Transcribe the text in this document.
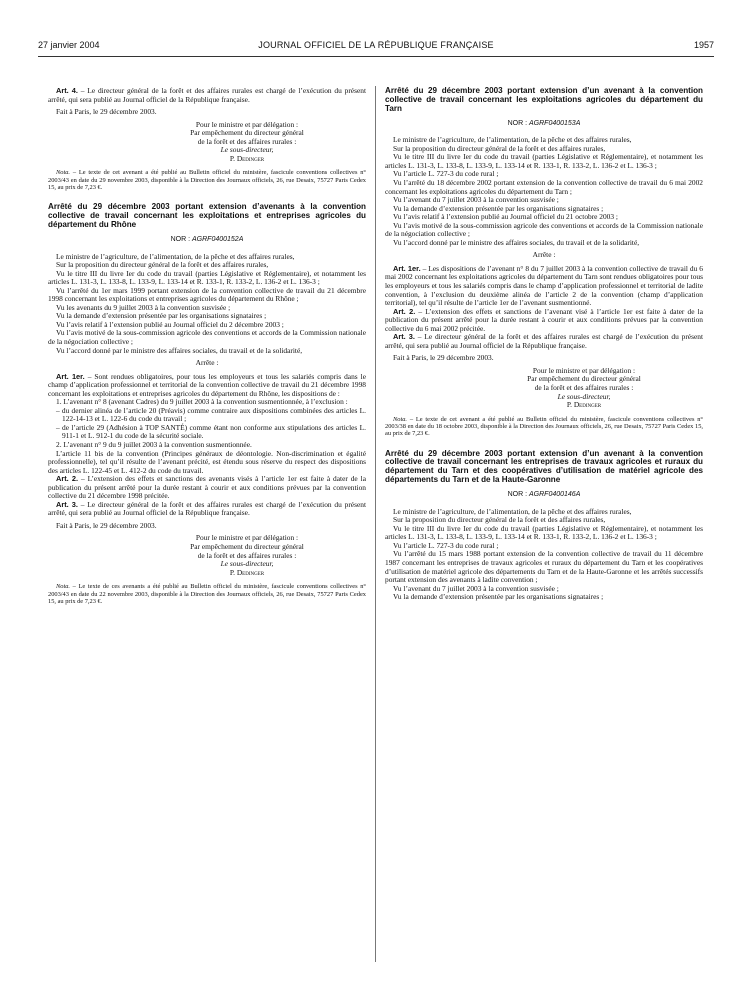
27 janvier 2004	JOURNAL OFFICIEL DE LA RÉPUBLIQUE FRANÇAISE	1957

Art. 4. – Le directeur général de la forêt et des affaires rurales est chargé de l’exécution du présent arrêté, qui sera publié au Journal officiel de la République française.

Fait à Paris, le 29 décembre 2003.

Pour le ministre et par délégation :
Par empêchement du directeur général
de la forêt et des affaires rurales :
Le sous-directeur,
P. Dedinger

Nota. – Le texte de cet avenant a été publié au Bulletin officiel du ministère, fascicule conventions collectives n° 2003/43 en date du 29 novembre 2003, disponible à la Direction des Journaux officiels, 26, rue Desaix, 75727 Paris Cedex 15, au prix de 7,23 €.

Arrêté du 29 décembre 2003 portant extension d’avenants à la convention collective de travail concernant les exploitations et entreprises agricoles du département du Rhône

NOR : AGRF0400152A

Le ministre de l’agriculture, de l’alimentation, de la pêche et des affaires rurales,

Sur la proposition du directeur général de la forêt et des affaires rurales,

Vu le titre III du livre Ier du code du travail (parties Législative et Réglementaire), et notamment les articles L. 131-3, L. 133-8, L. 133-9, L. 133-14 et R. 133-1, R. 133-2, L. 136-2 et L. 136-3 ;

Vu l’arrêté du 1er mars 1999 portant extension de la convention collective de travail du 21 décembre 1998 concernant les exploitations et entreprises agricoles du département du Rhône ;

Vu les avenants du 9 juillet 2003 à la convention susvisée ;

Vu la demande d’extension présentée par les organisations signataires ;

Vu l’avis relatif à l’extension publié au Journal officiel du 2 décembre 2003 ;

Vu l’avis motivé de la sous-commission agricole des conventions et accords de la Commission nationale de la négociation collective ;

Vu l’accord donné par le ministre des affaires sociales, du travail et de la solidarité,

Arrête :

Art. 1er. – Sont rendues obligatoires, pour tous les employeurs et tous les salariés compris dans le champ d’application professionnel et territorial de la convention collective de travail du 21 décembre 1998 concernant les exploitations et entreprises agricoles du département du Rhône, les dispositions de :

1. L’avenant n° 8 (avenant Cadres) du 9 juillet 2003 à la convention susmentionnée, à l’exclusion :

– du dernier alinéa de l’article 20 (Préavis) comme contraire aux dispositions combinées des articles L. 122-14-13 et L. 122-6 du code du travail ;

– de l’article 29 (Adhésion à TOP SANTÉ) comme étant non conforme aux stipulations des articles L. 911-1 et L. 912-1 du code de la sécurité sociale.

2. L’avenant n° 9 du 9 juillet 2003 à la convention susmentionnée.

L’article 11 bis de la convention (Principes généraux de déontologie. Non-discrimination et égalité professionnelle), tel qu’il résulte de l’avenant précité, est étendu sous réserve du respect des dispositions des articles L. 122-45 et L. 412-2 du code du travail.

Art. 2. – L’extension des effets et sanctions des avenants visés à l’article 1er est faite à dater de la publication du présent arrêté pour la durée restant à courir et aux conditions prévues par la convention collective du 21 décembre 1998 précitée.

Art. 3. – Le directeur général de la forêt et des affaires rurales est chargé de l’exécution du présent arrêté, qui sera publié au Journal officiel de la République française.

Fait à Paris, le 29 décembre 2003.

Pour le ministre et par délégation :
Par empêchement du directeur général
de la forêt et des affaires rurales :
Le sous-directeur,
P. Dedinger

Nota. – Le texte de ces avenants a été publié au Bulletin officiel du ministère, fascicule conventions collectives n° 2003/43 en date du 22 novembre 2003, disponible à la Direction des Journaux officiels, 26, rue Desaix, 75727 Paris Cedex 15, au prix de 7,23 €.

Arrêté du 29 décembre 2003 portant extension d’un avenant à la convention collective de travail concernant les exploitations agricoles du département du Tarn

NOR : AGRF0400153A

Le ministre de l’agriculture, de l’alimentation, de la pêche et des affaires rurales,

Sur la proposition du directeur général de la forêt et des affaires rurales,

Vu le titre III du livre Ier du code du travail (parties Législative et Réglementaire), et notamment les articles L. 131-3, L. 133-8, L. 133-9, L. 133-14 et R. 133-1, R. 133-2, L. 136-2 et L. 136-3 ;

Vu l’article L. 727-3 du code rural ;

Vu l’arrêté du 18 décembre 2002 portant extension de la convention collective de travail du 6 mai 2002 concernant les exploitations agricoles du département du Tarn ;

Vu l’avenant du 7 juillet 2003 à la convention susvisée ;

Vu la demande d’extension présentée par les organisations signataires ;

Vu l’avis relatif à l’extension publié au Journal officiel du 21 octobre 2003 ;

Vu l’avis motivé de la sous-commission agricole des conventions et accords de la Commission nationale de la négociation collective ;

Vu l’accord donné par le ministre des affaires sociales, du travail et de la solidarité,

Arrête :

Art. 1er. – Les dispositions de l’avenant n° 8 du 7 juillet 2003 à la convention collective de travail du 6 mai 2002 concernant les exploitations agricoles du département du Tarn sont rendues obligatoires pour tous les employeurs et tous les salariés compris dans le champ d’application professionnel et territorial de ladite convention, à l’exclusion du deuxième alinéa de l’article 2 de la convention (champ d’application territorial), tel qu’il résulte de l’article 1er de l’avenant susmentionné.

Art. 2. – L’extension des effets et sanctions de l’avenant visé à l’article 1er est faite à dater de la publication du présent arrêté pour la durée restant à courir et aux conditions prévues par la convention collective du 6 mai 2002 précitée.

Art. 3. – Le directeur général de la forêt et des affaires rurales est chargé de l’exécution du présent arrêté, qui sera publié au Journal officiel de la République française.

Fait à Paris, le 29 décembre 2003.

Pour le ministre et par délégation :
Par empêchement du directeur général
de la forêt et des affaires rurales :
Le sous-directeur,
P. Dedinger

Nota. – Le texte de cet avenant a été publié au Bulletin officiel du ministère, fascicule conventions collectives n° 2003/38 en date du 18 octobre 2003, disponible à la Direction des Journaux officiels, 26, rue Desaix, 75727 Paris Cedex 15, au prix de 7,23 €.

Arrêté du 29 décembre 2003 portant extension d’un avenant à la convention collective de travail concernant les entreprises de travaux agricoles et ruraux du département du Tarn et des coopératives d’utilisation de matériel agricole des départements du Tarn et de la Haute-Garonne

NOR : AGRF0400146A

Le ministre de l’agriculture, de l’alimentation, de la pêche et des affaires rurales,

Sur la proposition du directeur général de la forêt et des affaires rurales,

Vu le titre III du livre Ier du code du travail (parties Législative et Réglementaire), et notamment les articles L. 131-3, L. 133-8, L. 133-9, L. 133-14 et R. 133-1, R. 133-2, L. 136-2 et L. 136-3 ;

Vu l’article L. 727-3 du code rural ;

Vu l’arrêté du 15 mars 1988 portant extension de la convention collective de travail du 11 décembre 1987 concernant les entreprises de travaux agricoles et ruraux du département du Tarn et les coopératives d’utilisation de matériel agricole des départements du Tarn et de la Haute-Garonne et les arrêtés successifs portant extension des avenants à ladite convention ;

Vu l’avenant du 7 juillet 2003 à la convention susvisée ;

Vu la demande d’extension présentée par les organisations signataires ;
